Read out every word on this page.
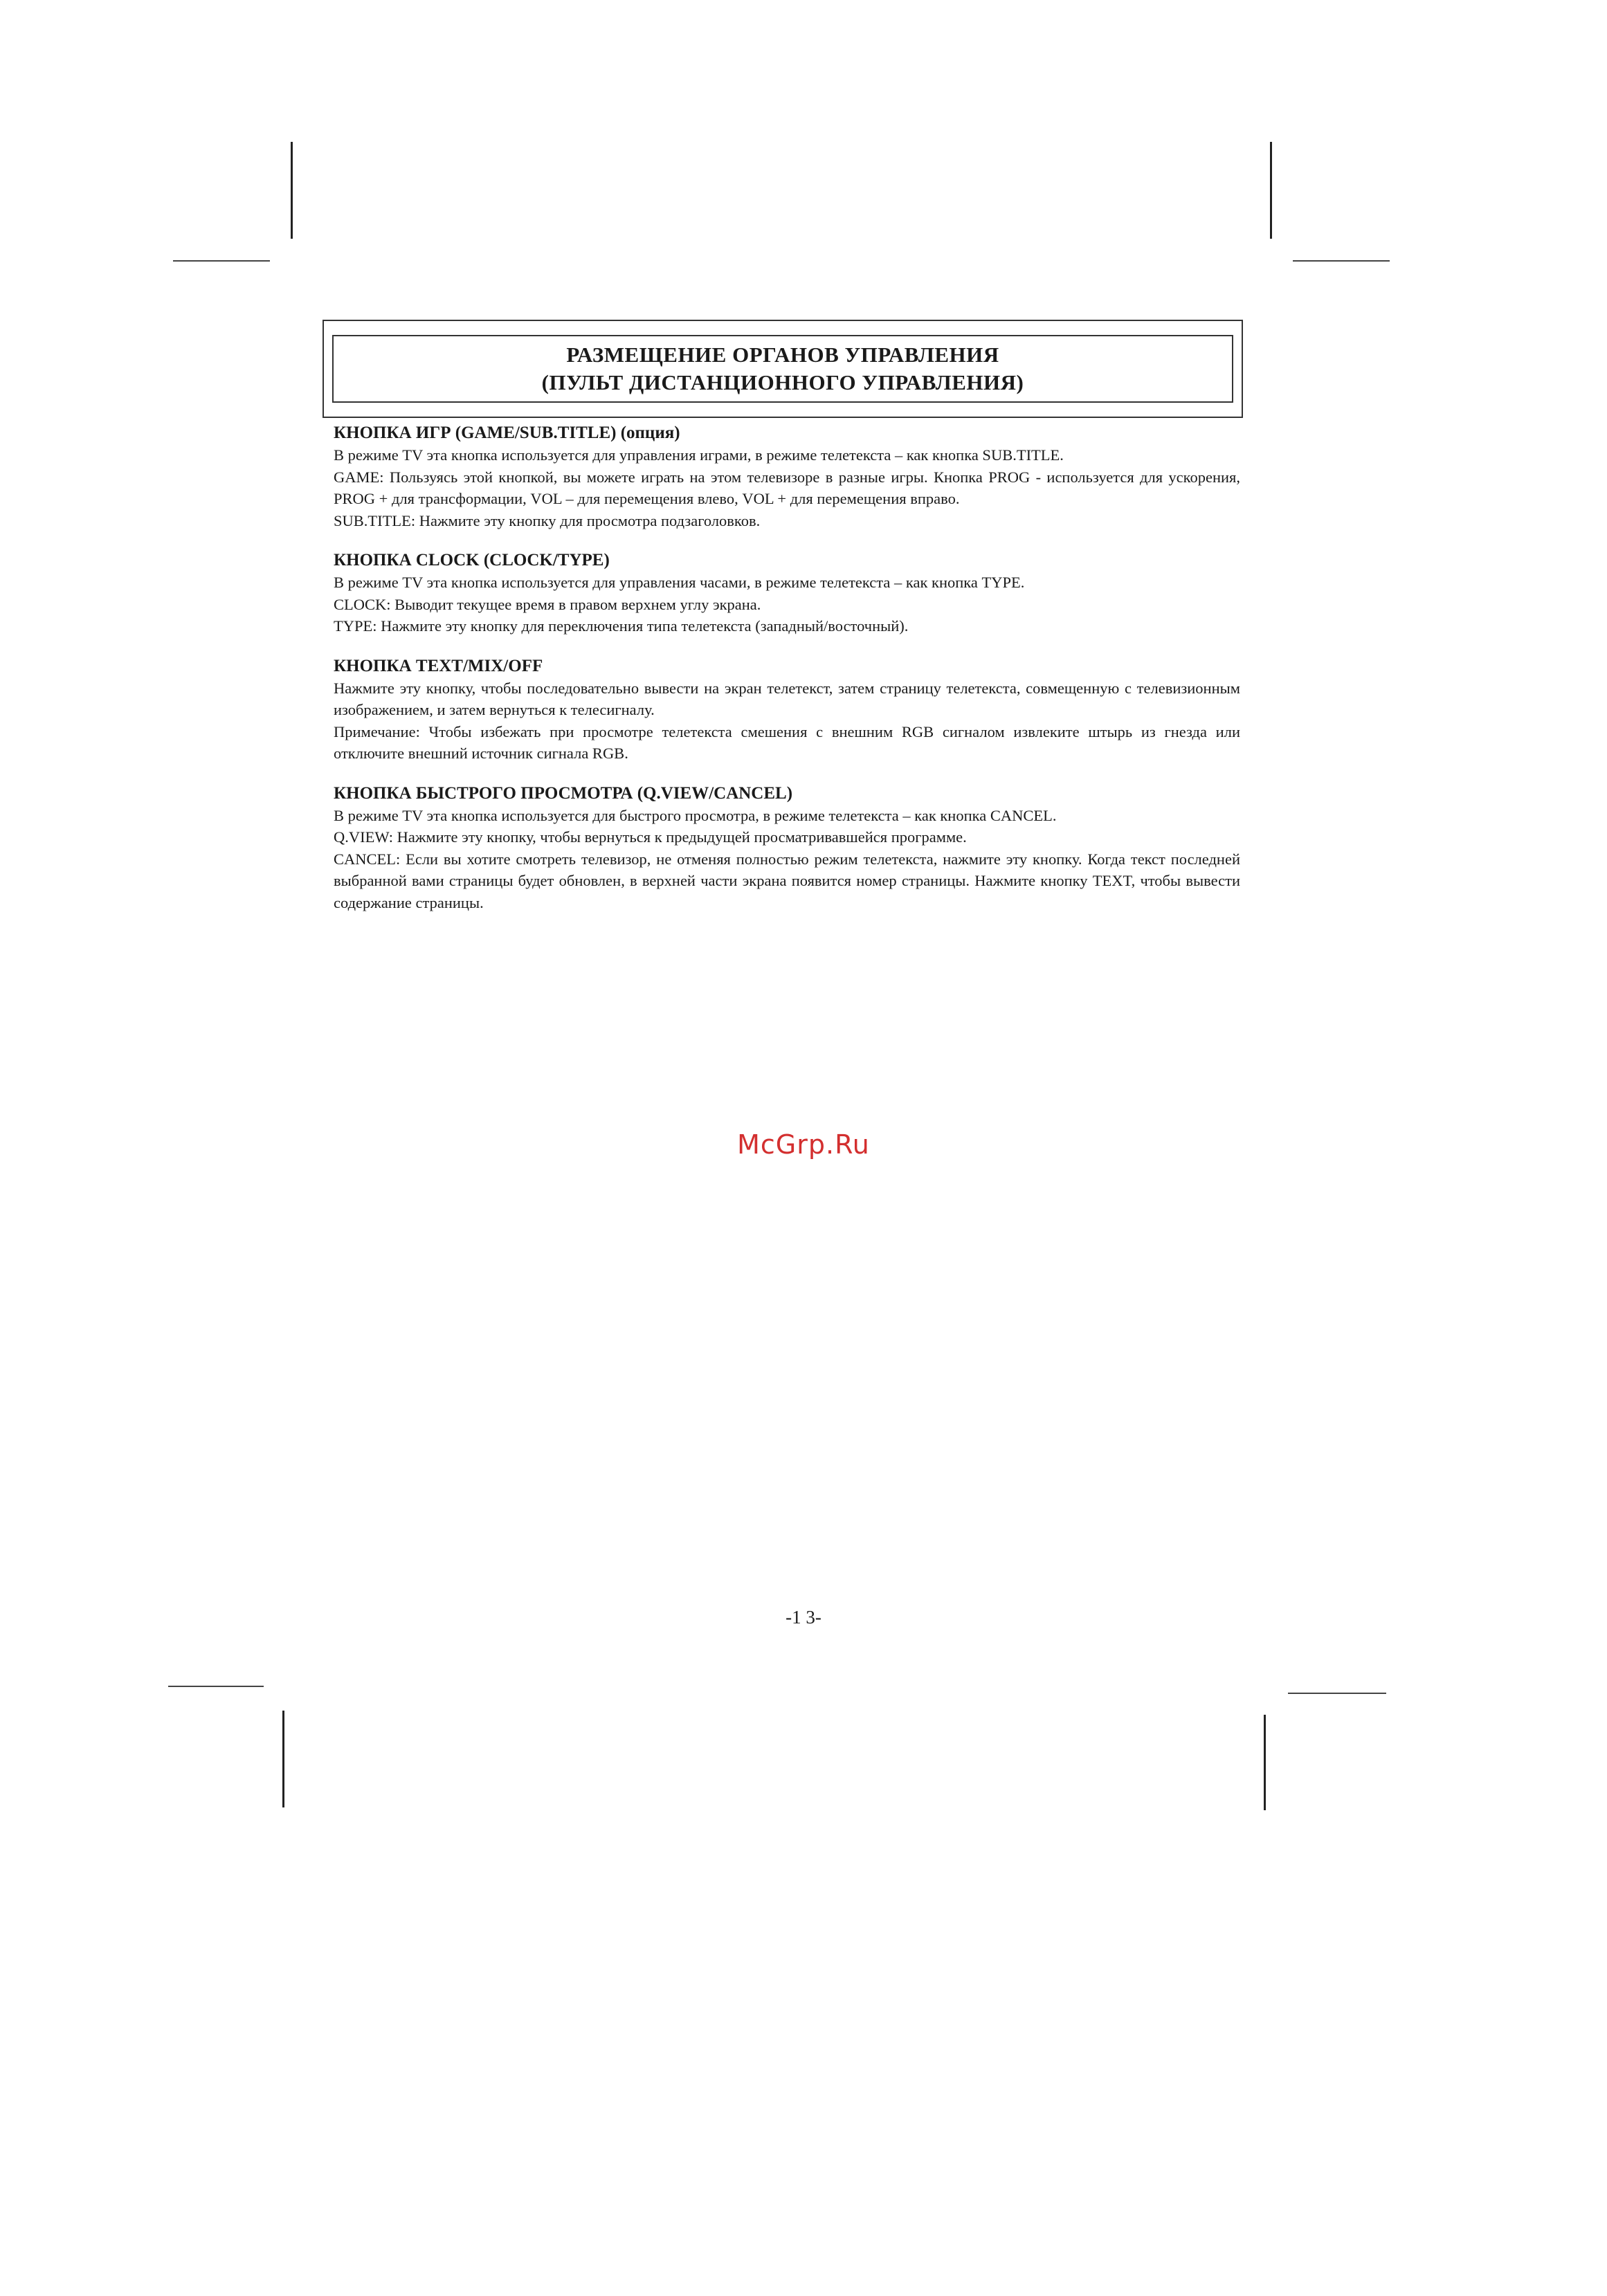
РАЗМЕЩЕНИЕ ОРГАНОВ УПРАВЛЕНИЯ
(ПУЛЬТ ДИСТАНЦИОННОГО УПРАВЛЕНИЯ)
КНОПКА ИГР (GAME/SUB.TITLE) (опция)

В режиме TV эта кнопка используется для управления играми, в режиме телетекста – как кнопка SUB.TITLE.

GAME: Пользуясь этой кнопкой, вы можете играть на этом телевизоре в разные игры. Кнопка PROG - используется для ускорения, PROG + для трансформации, VOL – для перемещения влево, VOL + для перемещения вправо.

SUB.TITLE: Нажмите эту кнопку для просмотра подзаголовков.

КНОПКА CLOCK (CLOCK/TYPE)

В режиме TV эта кнопка используется для управления часами, в режиме телетекста – как кнопка TYPE.

CLOCK: Выводит текущее время в правом верхнем углу экрана.

TYPE: Нажмите эту кнопку для переключения типа телетекста (западный/восточный).

КНОПКА TEXT/MIX/OFF

Нажмите эту кнопку, чтобы последовательно вывести на экран телетекст, затем страницу телетекста, совмещенную с телевизионным изображением, и затем вернуться к телесигналу.

Примечание: Чтобы избежать при просмотре телетекста смешения с внешним RGB сигналом извлеките штырь из гнезда или отключите внешний источник сигнала RGB.

КНОПКА БЫСТРОГО ПРОСМОТРА (Q.VIEW/CANCEL)

В режиме TV эта кнопка используется для быстрого просмотра, в режиме телетекста – как кнопка CANCEL.

Q.VIEW: Нажмите эту кнопку, чтобы вернуться к предыдущей просматривавшейся программе.

CANCEL: Если вы хотите смотреть телевизор, не отменяя полностью режим телетекста, нажмите эту кнопку. Когда текст последней выбранной вами страницы будет обновлен, в верхней части экрана появится номер страницы. Нажмите кнопку TEXT, чтобы вывести содержание страницы.

McGrp.Ru
-1 3-
